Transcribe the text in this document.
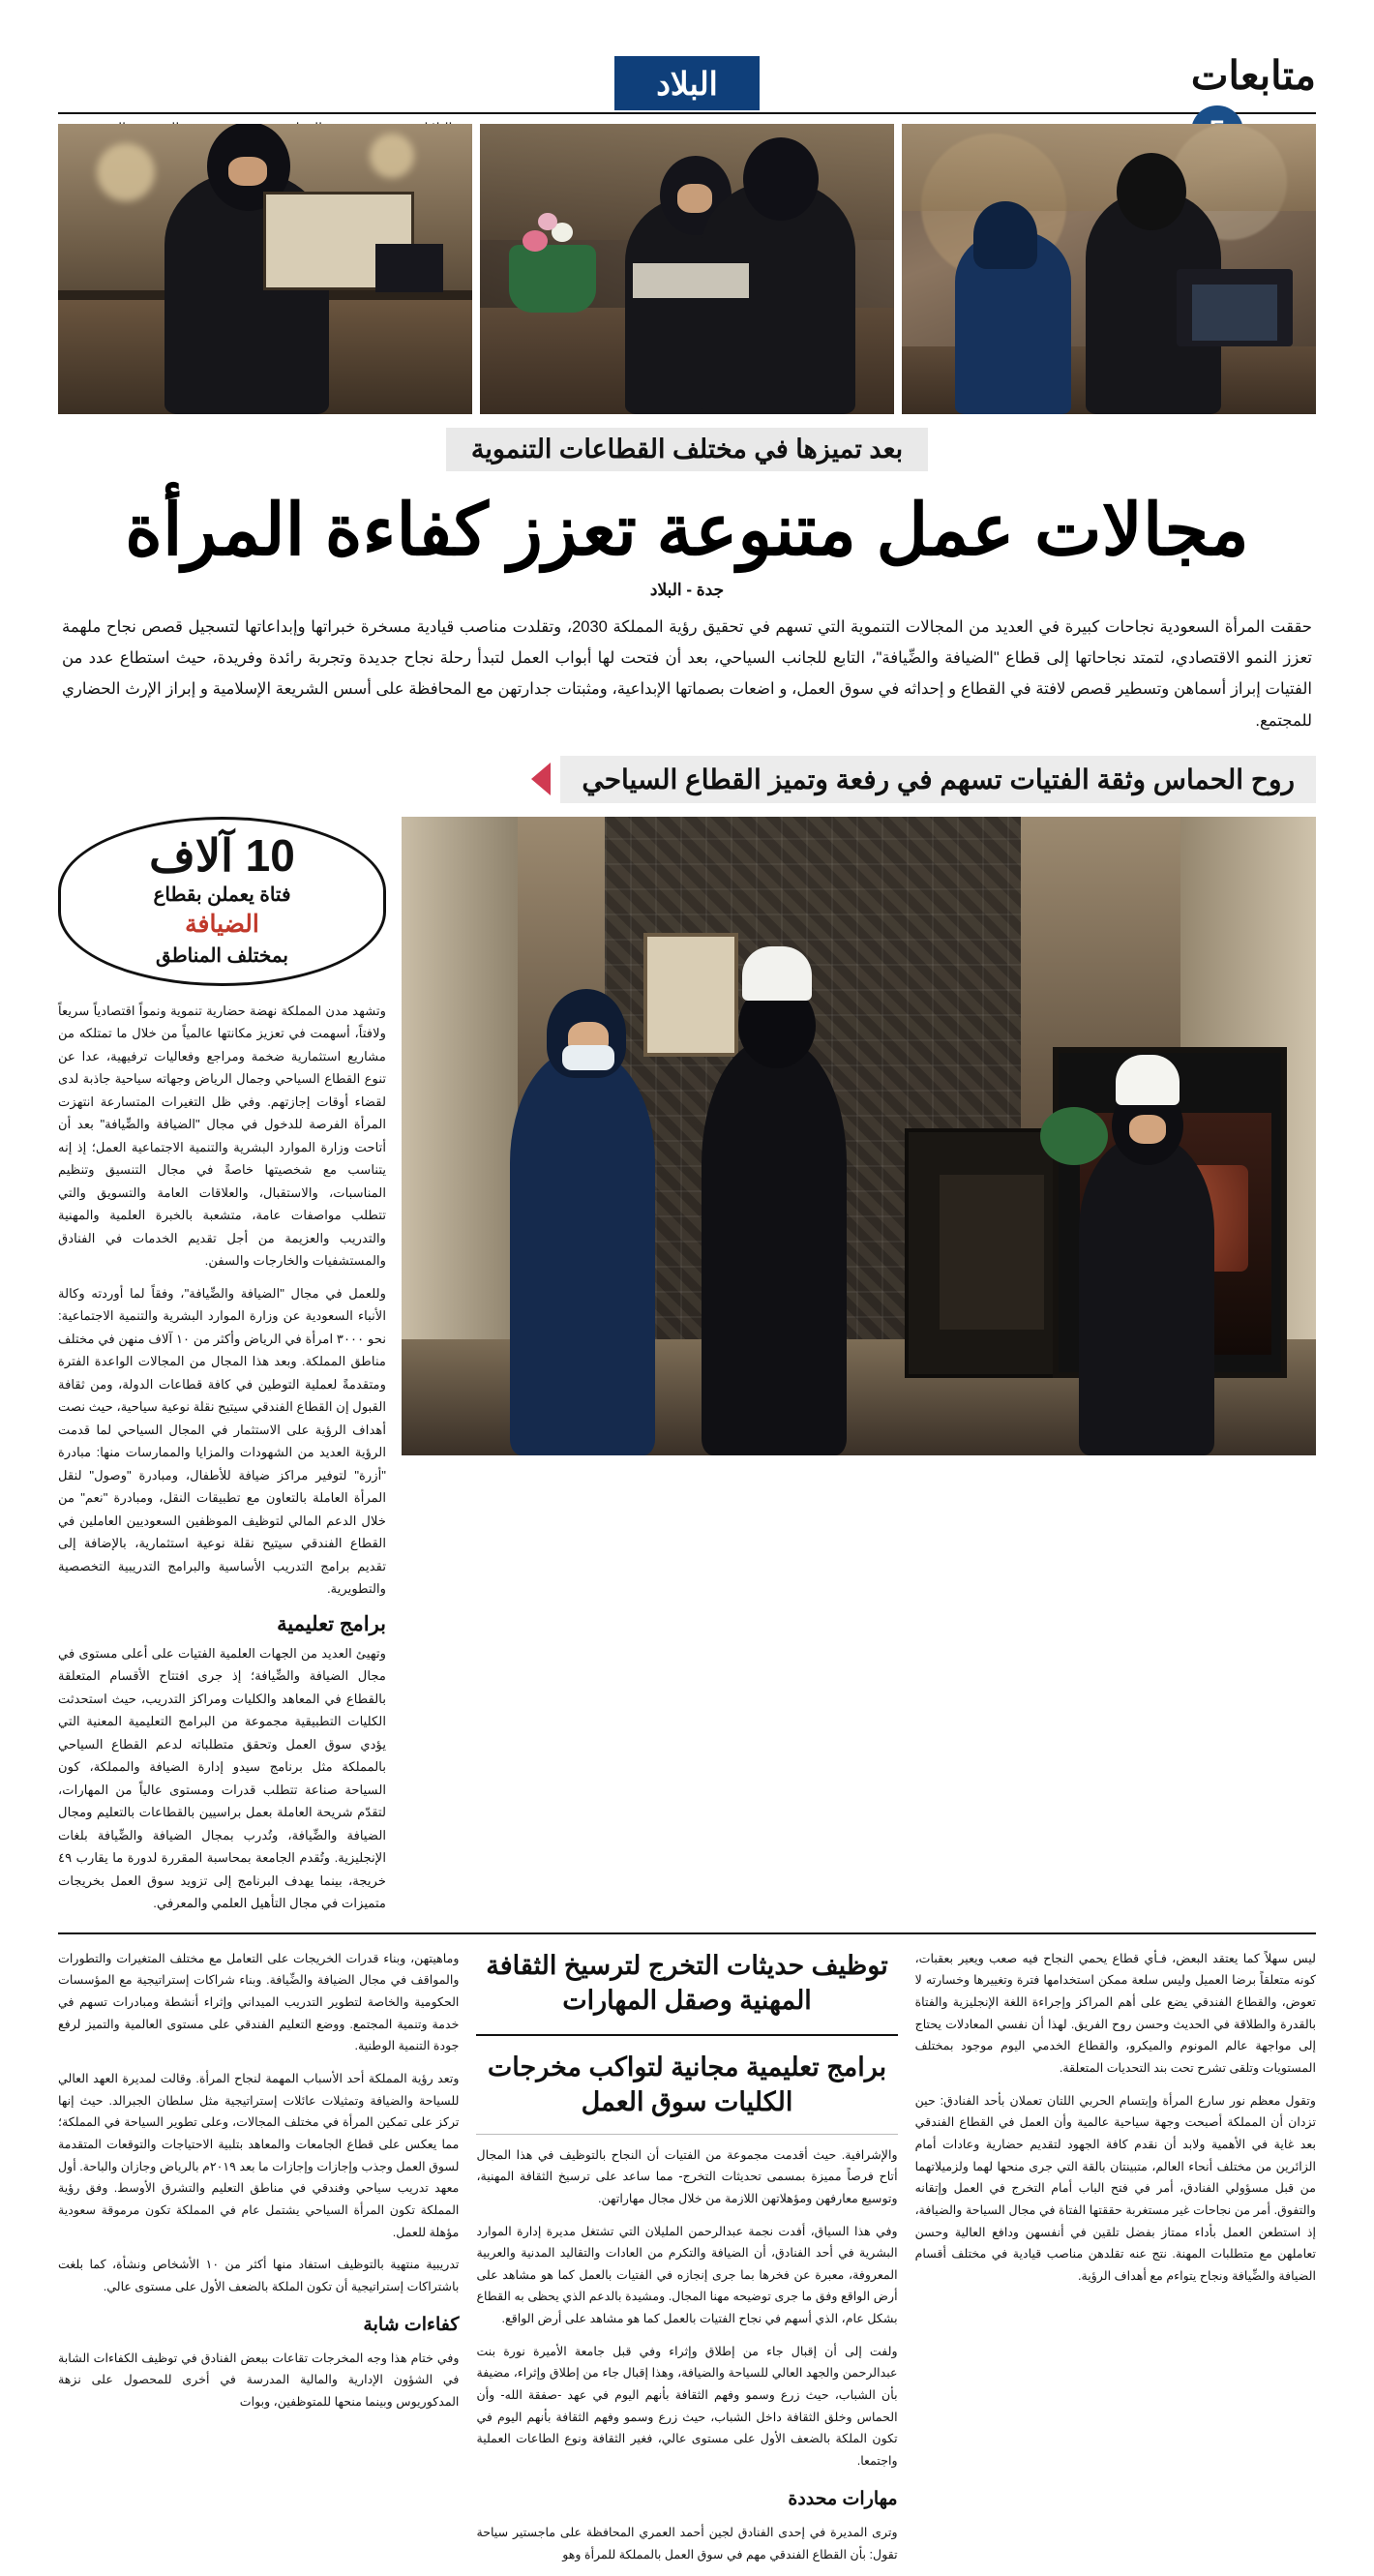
متابعات
البلاد
بعد تميزها في مختلف القطاعات التنموية
مجالات عمل متنوعة تعزز كفاءة المرأة
جدة - البلاد
حققت المرأة السعودية نجاحات كبيرة في العديد من المجالات التنموية التي تسهم في تحقيق رؤية المملكة 2030، وتقلدت مناصب قيادية مسخرة خبراتها وإبداعاتها لتسجيل قصص نجاح ملهمة تعزز النمو الاقتصادي، لتمتد نجاحاتها إلى قطاع "الضيافة والضِّيافة"، التابع للجانب السياحي، بعد أن فتحت لها أبواب العمل لتبدأ رحلة نجاح جديدة وتجربة رائدة وفريدة، حيث استطاع عدد من الفتيات إبراز أسماهن وتسطير قصص لافتة في القطاع و إحداثه في سوق العمل، و اضعات بصماتها الإبداعية، ومثبتات جدارتهن مع المحافظة على أسس الشريعة الإسلامية و إبراز الإرث الحضاري للمجتمع.
روح الحماس وثقة الفتيات تسهم في رفعة وتميز القطاع السياحي
10 آلاف
فتاة يعملن بقطاع
الضيافة
بمختلف المناطق
وتشهد مدن المملكة نهضة حضارية تنموية ونمواً اقتصادياً سريعاً ولافتاً، أسهمت في تعزيز مكانتها عالمياً من خلال ما تمتلكه من مشاريع استثمارية ضخمة ومراجع وفعاليات ترفيهية، عدا عن تنوع القطاع السياحي وجمال الرياض وجهاته سياحية جاذبة لدى لقضاء أوقات إجازتهم. وفي ظل التغيرات المتسارعة انتهزت المرأة الفرصة للدخول في مجال "الضيافة والضِّيافة" بعد أن أتاحت وزارة الموارد البشرية والتنمية الاجتماعية العمل؛ إذ إنه يتناسب مع شخصيتها خاصةً في مجال التنسيق وتنظيم المناسبات، والاستقبال، والعلاقات العامة والتسويق والتي تتطلب مواصفات عامة، متشعبة بالخبرة العلمية والمهنية والتدريب والعزيمة من أجل تقديم الخدمات في الفنادق والمستشفيات والخارجات والسفن.
وللعمل في مجال "الضيافة والضِّيافة"، وفقاً لما أوردته وكالة الأنباء السعودية عن وزارة الموارد البشرية والتنمية الاجتماعية: نحو ٣٠٠٠ امرأة في الرياض وأكثر من ١٠ آلاف منهن في مختلف مناطق المملكة. وبعد هذا المجال من المجالات الواعدة الفترة ومتقدمةً لعملية التوطين في كافة قطاعات الدولة، ومن ثقافة القبول إن القطاع الفندقي سيتيح نقلة نوعية سياحية، حيث نصت أهداف الرؤية على الاستثمار في المجال السياحي لما قدمت الرؤية العديد من الشهودات والمزايا والممارسات منها: مبادرة "أزرة" لتوفير مراكز ضيافة للأطفال، ومبادرة "وصول" لنقل المرأة العاملة بالتعاون مع تطبيقات النقل، ومبادرة "نعم" من خلال الدعم المالي لتوظيف الموظفين السعوديين العاملين في القطاع الفندقي سيتيح نقلة نوعية استثمارية، بالإضافة إلى تقديم برامج التدريب الأساسية والبرامج التدريبية التخصصية والتطويرية.
برامج تعليمية
وتهيئ العديد من الجهات العلمية الفتيات على أعلى مستوى في مجال الضيافة والضِّيافة؛ إذ جرى افتتاح الأقسام المتعلقة بالقطاع في المعاهد والكليات ومراكز التدريب، حيث استحدثت الكليات التطبيقية مجموعة من البرامج التعليمية المعنية التي يؤدي سوق العمل وتحقق متطلباته لدعم القطاع السياحي بالمملكة مثل برنامج سيدو إدارة الضيافة والمملكة، كون السياحة صناعة تتطلب قدرات ومستوى عالياً من المهارات، لتقدّم شريحة العاملة بعمل براسيين بالقطاعات بالتعليم ومجال الضيافة والضِّيافة، وتُدرب بمجال الضيافة والضِّيافة بلغات الإنجليزية. وتُقدم الجامعة بمحاسبة المقررة لدورة ما يقارب ٤٩ خريجة، بينما يهدف البرنامج إلى تزويد سوق العمل بخريجات متميزات في مجال التأهيل العلمي والمعرفي.

ليس سهلاً كما يعتقد البعض، فـأي قطاع يحمي النجاح فيه صعب ويعير بعقبات، كونه متعلقاً برضا العميل وليس سلعة ممكن استخدامها فترة وتغييرها وخسارته لا تعوض، والقطاع الفندقي يضع على أهم المراكز وإجراءة اللغة الإنجليزية والفتاة بالقدرة والطلاقة في الحديث وحسن روح الفريق. لهذا أن نفسي المعادلات يحتاج إلى مواجهة عالم المونوم والميكرو، والقطاع الخدمي اليوم موجود بمختلف المستويات وتلقى تشرح تحت بند التحديات المتعلقة.

وتقول معظم نور سارع المرأة وإبتسام الحربي اللتان تعملان بأحد الفنادق: حين تزدان أن المملكة أصبحت وجهة سياحية عالمية وأن العمل في القطاع الفندقي بعد غاية في الأهمية ولابد أن نقدم كافة الجهود لتقديم حضارية وعادات أمام الزائرين من مختلف أنحاء العالم، متبينتان بالقة التي جرى منحها لهما ولزميلاتهما من قبل مسؤولي الفنادق، أمر في فتح الباب أمام التخرج في العمل وإتقانه والتفوق. أمر من نجاحات غير مستغربة حققتها الفتاة في مجال السياحة والضيافة، إذ استطعن العمل بأداء ممتاز بفضل تلقين في أنفسهن ودافع العالية وحسن تعاملهن مع متطلبات المهنة. نتج عنه تقلدهن مناصب قيادية في مختلف أقسام الضيافة والضِّيافة ونجاح يتواءم مع أهداف الرؤية.

توظيف حديثات التخرج لترسيخ الثقافة المهنية وصقل المهارات
برامج تعليمية مجانية لتواكب مخرجات الكليات سوق العمل

والإشرافية. حيث أقدمت مجموعة من الفتيات أن النجاح بالتوظيف في هذا المجال أتاح فرصاً مميزة بمسمى تحديثات التخرج- مما ساعد على ترسيخ الثقافة المهنية، وتوسيع معارفهن ومؤهلاتهن اللازمة من خلال مجال مهاراتهن.

وفي هذا السياق، أفدت نجمة عبدالرحمن المليلان التي تشتغل مديرة إدارة الموارد البشرية في أحد الفنادق، أن الضيافة والتكرم من العادات والتقاليد المدنية والعربية المعروفة، معبرة عن فخرها بما جرى إنجازه في الفتيات بالعمل كما هو مشاهد على أرض الواقع وفق ما جرى توضيحه مهنا المجال. ومشيدة بالدعم الذي يحظى به القطاع بشكل عام، الذي أسهم في نجاح الفتيات بالعمل كما هو مشاهد على أرض الواقع.

ولفت إلى أن إقبال جاء من إطلاق وإثراء وفي قبل جامعة الأميرة نورة بنت عبدالرحمن والجهد العالي للسياحة والضيافة، وهذا إقبال جاء من إطلاق وإثراء، مضيفة بأن الشباب، حيث زرع وسمو وفهم الثقافة بأنهم اليوم في عهد -صفقة الله- وأن الحماس وخلق الثقافة داخل الشباب، حيث زرع وسمو وفهم الثقافة بأنهم اليوم في تكون الملكة بالضعف الأول على مستوى عالي، فغير الثقافة ونوع الطاعات العملية واجتمعا.

مهارات محددة

وترى المديرة في إحدى الفنادق لجين أحمد العمري المحافظة على ماجستير سياحة تقول: بأن القطاع الفندقي مهم في سوق العمل بالمملكة للمرأة وهو

وماهيتهن، وبناء قدرات الخريجات على التعامل مع مختلف المتغيرات والتطورات والمواقف في مجال الضيافة والضِّيافة. وبناء شراكات إستراتيجية مع المؤسسات الحكومية والخاصة لتطوير التدريب الميداني وإثراء أنشطة ومبادرات تسهم في خدمة وتنمية المجتمع. ووضع التعليم الفندقي على مستوى العالمية والتميز لرفع جودة التنمية الوطنية.

وتعد رؤية المملكة أحد الأسباب المهمة لنجاح المرأة. وقالت لمديرة العهد العالي للسياحة والضيافة وتمثيلات عائلات إستراتيجية مثل سلطان الجبرالد. حيث إنها تركز على تمكين المرأة في مختلف المجالات، وعلى تطوير السياحة في المملكة؛ مما يعكس على قطاع الجامعات والمعاهد بتلبية الاحتياجات والتوقعات المتقدمة لسوق العمل وجذب وإجازات وإجازات ما بعد ٢٠١٩م بالرياض وجازان والباحة. أول معهد تدريب سياحي وفندقي في مناطق التعليم والتشرق الأوسط. وفق رؤية المملكة تكون المرأة السياحي يشتمل عام في المملكة تكون مرموقة سعودية مؤهلة للعمل.

تدريبية منتهية بالتوظيف استفاد منها أكثر من ١٠ الأشخاص ونشأة، كما بلغت باشتراكات إستراتيجية أن تكون الملكة بالضعف الأول على مستوى عالي.

كفاءات شابة

وفي ختام هذا وجه المخرجات تقاعات ببعض الفنادق في توظيف الكفاءات الشابة في الشؤون الإدارية والمالية المدرسة في أخرى للمحصول على نزهة المدكوريوس وبينما منحها للمتوظفين، وبوات
